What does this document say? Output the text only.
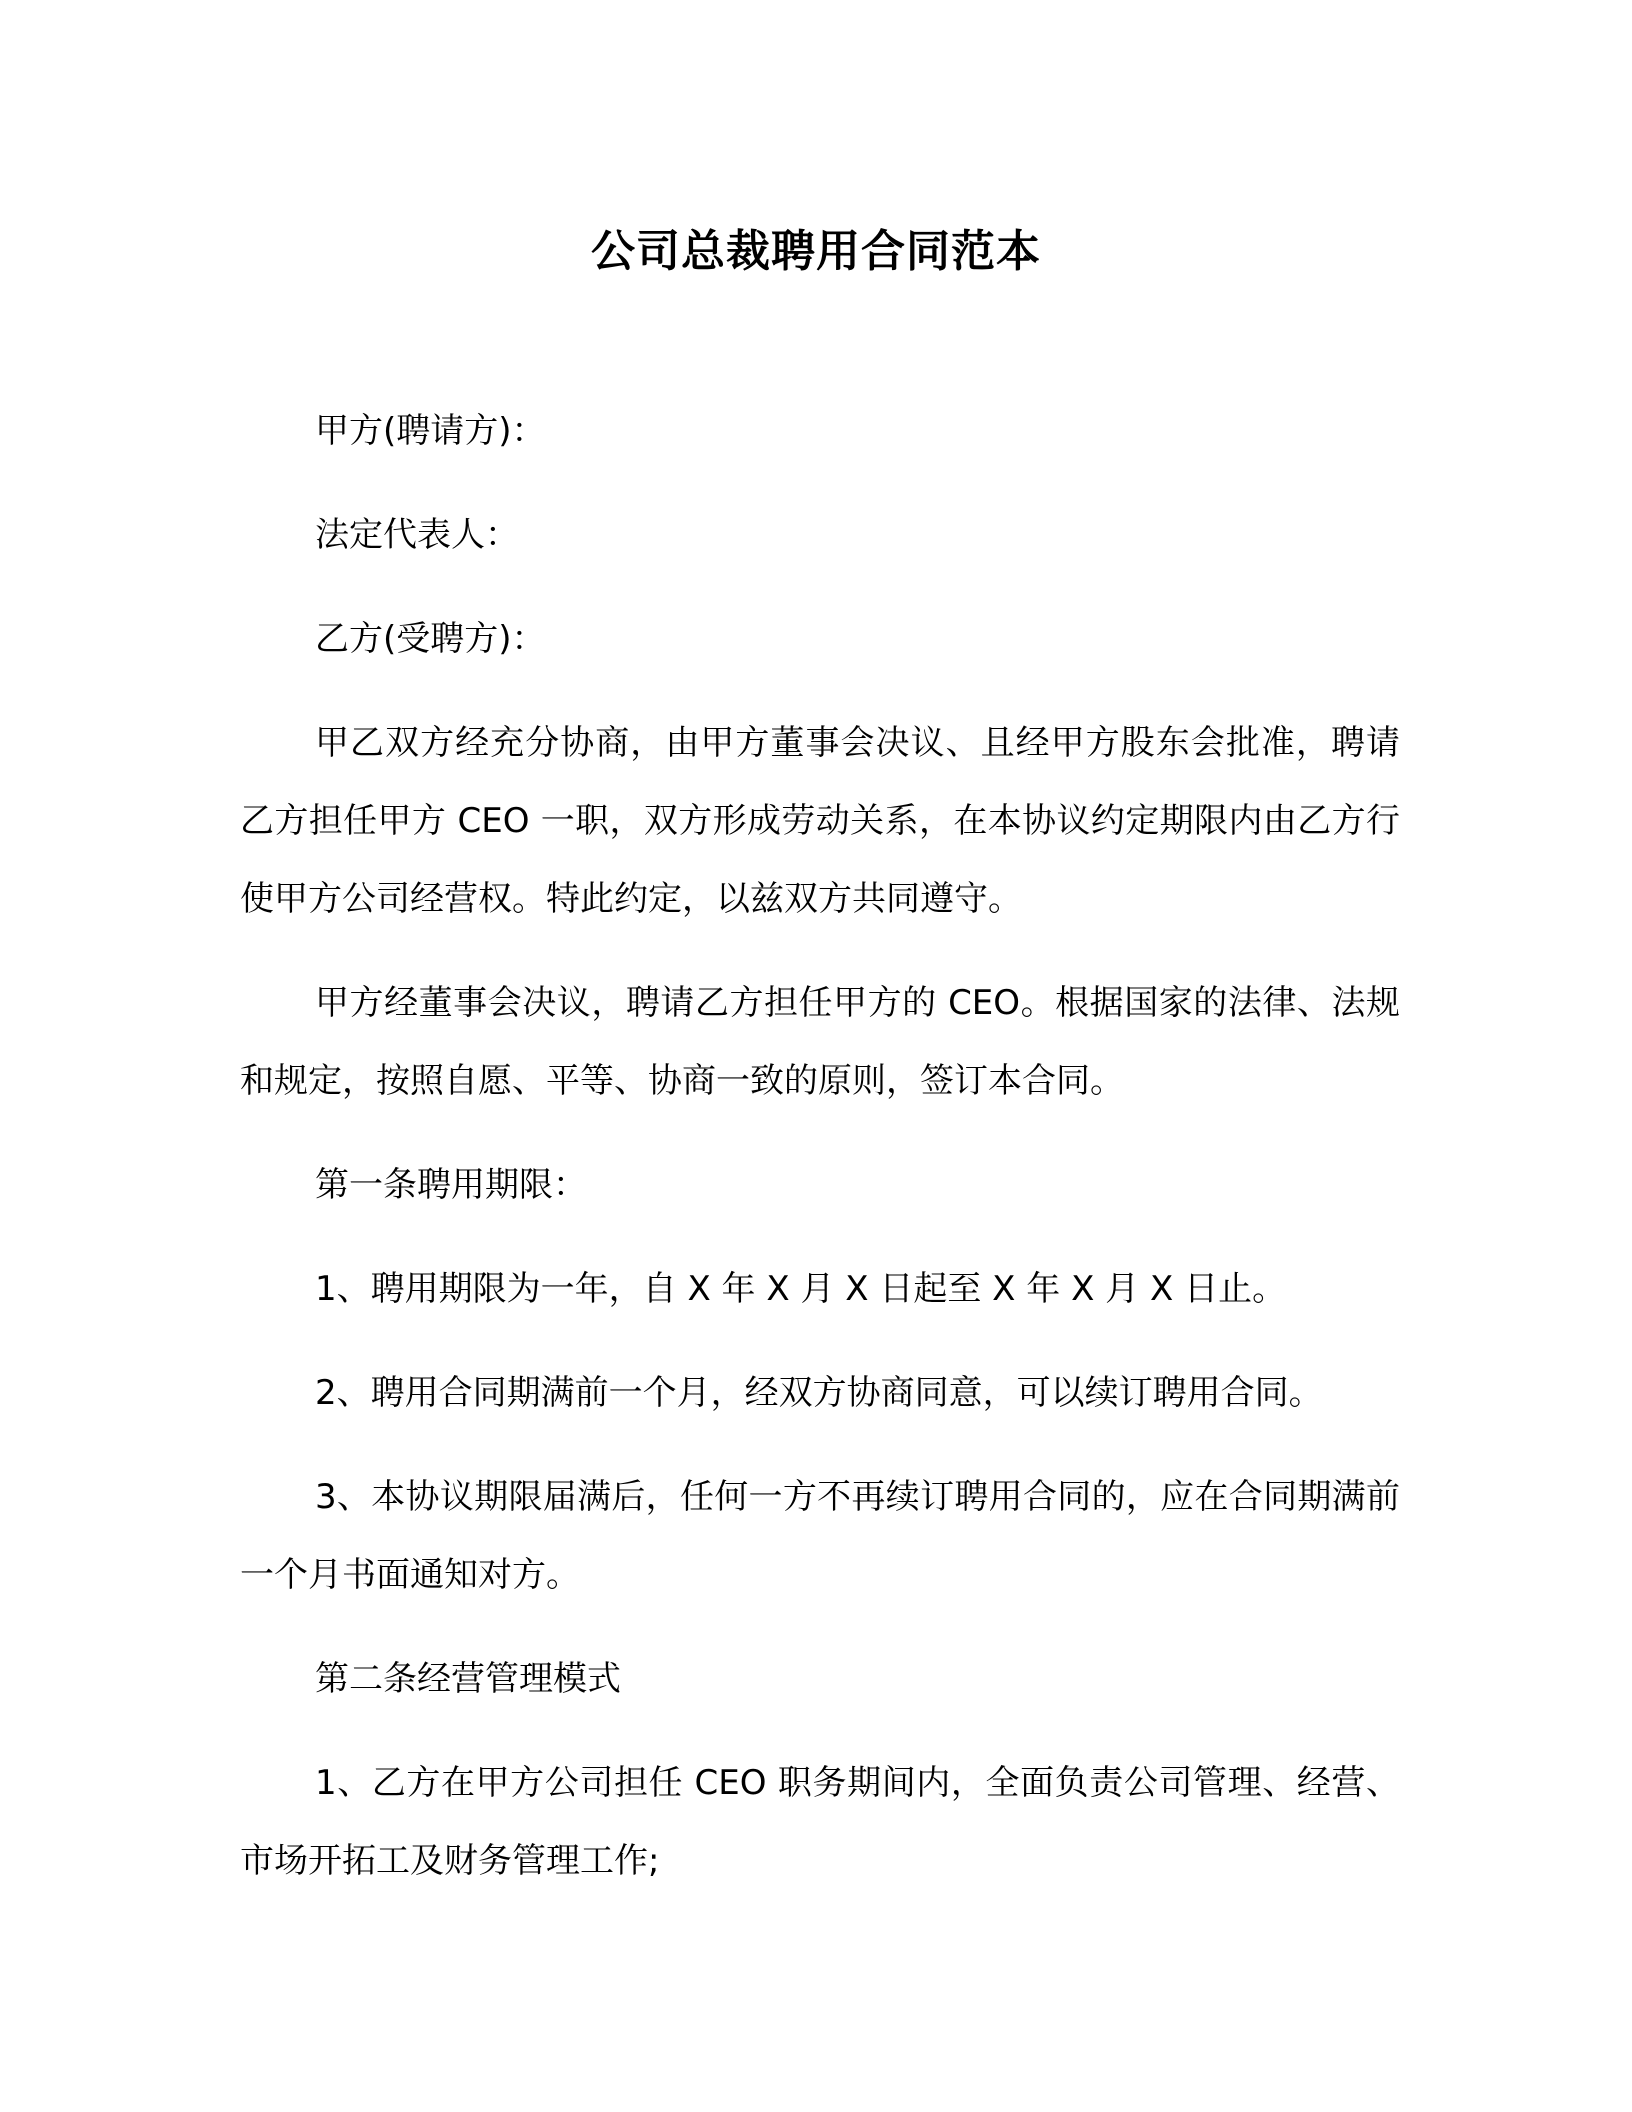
公司总裁聘用合同范本

甲方(聘请方)：

法定代表人：

乙方(受聘方)：

甲乙双方经充分协商，由甲方董事会决议、且经甲方股东会批准，聘请乙方担任甲方 CEO 一职，双方形成劳动关系，在本协议约定期限内由乙方行使甲方公司经营权。特此约定，以兹双方共同遵守。

甲方经董事会决议，聘请乙方担任甲方的 CEO。根据国家的法律、法规和规定，按照自愿、平等、协商一致的原则，签订本合同。

第一条聘用期限：

1、聘用期限为一年，自 X 年 X 月 X 日起至 X 年 X 月 X 日止。

2、聘用合同期满前一个月，经双方协商同意，可以续订聘用合同。

3、本协议期限届满后，任何一方不再续订聘用合同的，应在合同期满前一个月书面通知对方。

第二条经营管理模式

1、乙方在甲方公司担任 CEO 职务期间内，全面负责公司管理、经营、市场开拓工及财务管理工作;
